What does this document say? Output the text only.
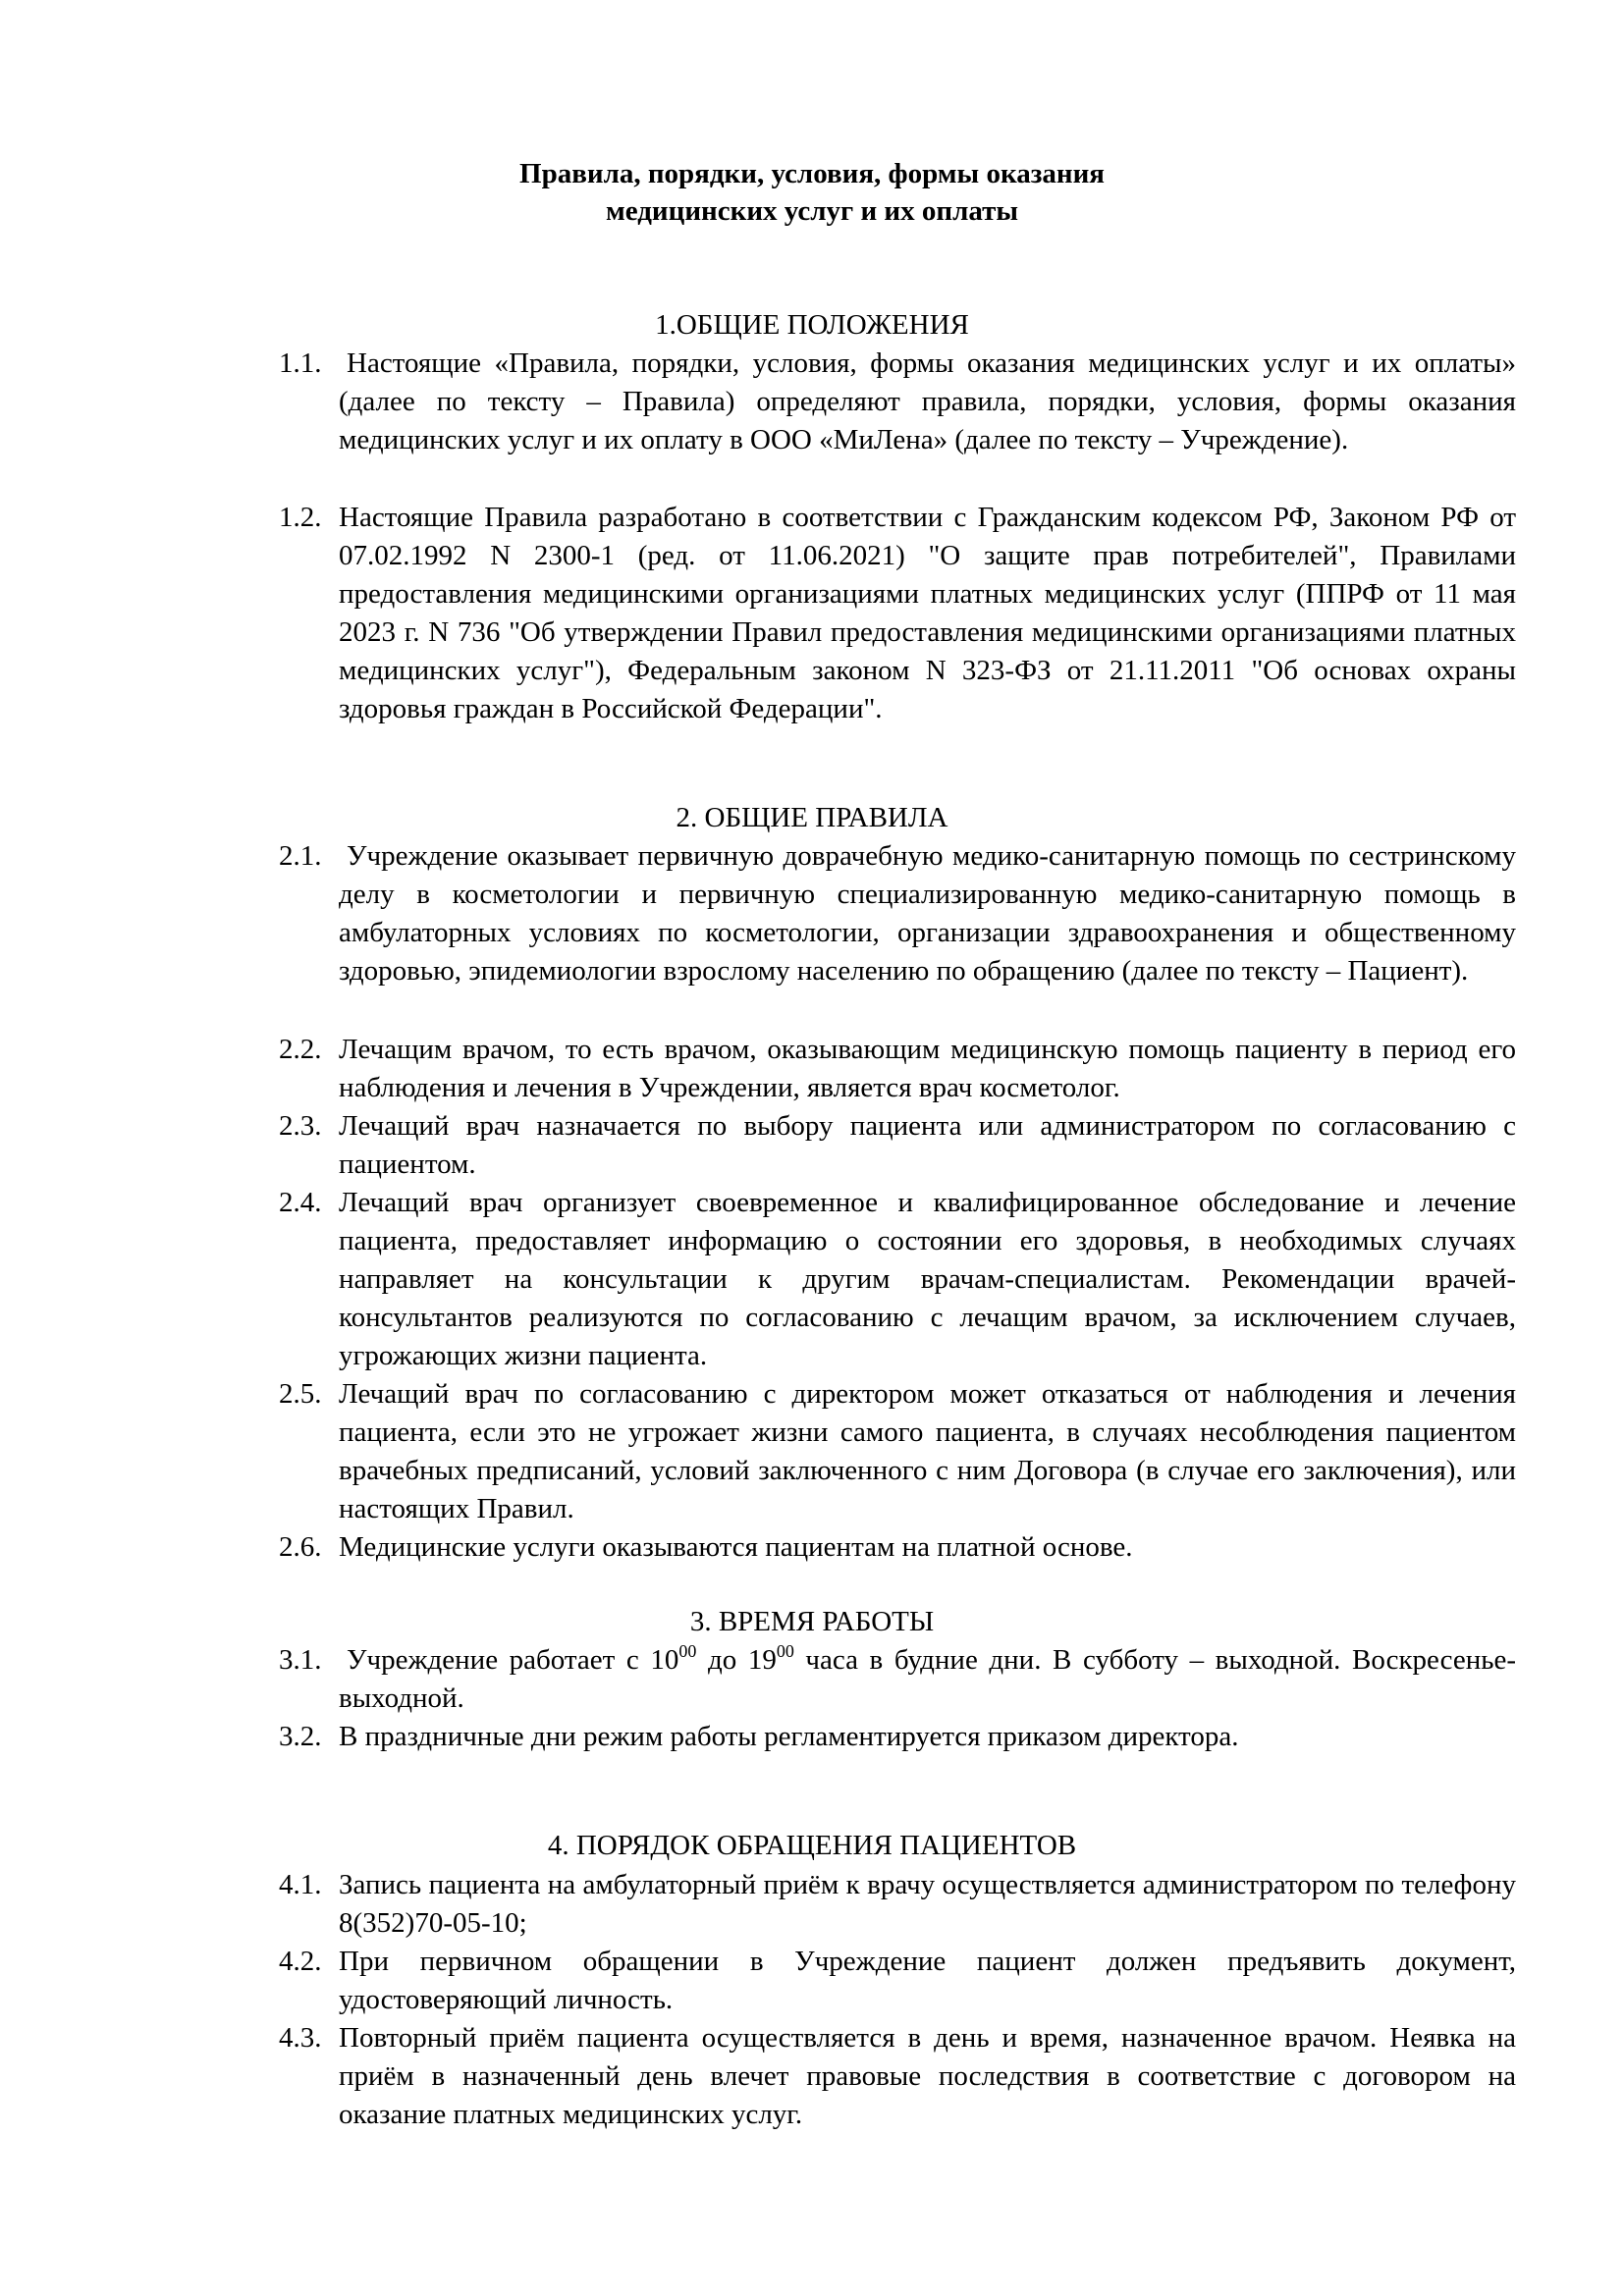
Правила, порядки, условия, формы оказания
медицинских услуг и их оплаты
1.ОБЩИЕ ПОЛОЖЕНИЯ
1.1. Настоящие «Правила, порядки, условия, формы оказания медицинских услуг и их оплаты» (далее по тексту – Правила) определяют правила, порядки, условия, формы оказания медицинских услуг и их оплату в ООО «МиЛена» (далее по тексту – Учреждение).
1.2. Настоящие Правила разработано в соответствии с Гражданским кодексом РФ, Законом РФ от 07.02.1992 N 2300-1 (ред. от 11.06.2021) "О защите прав потребителей", Правилами предоставления медицинскими организациями платных медицинских услуг (ППРФ от 11 мая 2023 г. N 736 "Об утверждении Правил предоставления медицинскими организациями платных медицинских услуг"), Федеральным законом N 323-ФЗ от 21.11.2011 "Об основах охраны здоровья граждан в Российской Федерации".
2. ОБЩИЕ ПРАВИЛА
2.1. Учреждение оказывает первичную доврачебную медико-санитарную помощь по сестринскому делу в косметологии и первичную специализированную медико-санитарную помощь в амбулаторных условиях по косметологии, организации здравоохранения и общественному здоровью, эпидемиологии взрослому населению по обращению (далее по тексту – Пациент).
2.2. Лечащим врачом, то есть врачом, оказывающим медицинскую помощь пациенту в период его наблюдения и лечения в Учреждении, является врач косметолог.
2.3. Лечащий врач назначается по выбору пациента или администратором по согласованию с пациентом.
2.4. Лечащий врач организует своевременное и квалифицированное обследование и лечение пациента, предоставляет информацию о состоянии его здоровья, в необходимых случаях направляет на консультации к другим врачам-специалистам. Рекомендации врачей-консультантов реализуются по согласованию с лечащим врачом, за исключением случаев, угрожающих жизни пациента.
2.5. Лечащий врач по согласованию с директором может отказаться от наблюдения и лечения пациента, если это не угрожает жизни самого пациента, в случаях несоблюдения пациентом врачебных предписаний, условий заключенного с ним Договора (в случае его заключения), или настоящих Правил.
2.6. Медицинские услуги оказываются пациентам на платной основе.
3. ВРЕМЯ РАБОТЫ
3.1. Учреждение работает с $10^{00}$ до $19^{00}$ часа в будние дни. В субботу – выходной. Воскресенье- выходной.
3.2. В праздничные дни режим работы регламентируется приказом директора.
4. ПОРЯДОК ОБРАЩЕНИЯ ПАЦИЕНТОВ
4.1. Запись пациента на амбулаторный приём к врачу осуществляется администратором по телефону 8(352)70-05-10;
4.2. При первичном обращении в Учреждение пациент должен предъявить документ, удостоверяющий личность.
4.3. Повторный приём пациента осуществляется в день и время, назначенное врачом. Неявка на приём в назначенный день влечет правовые последствия в соответствие с договором на оказание платных медицинских услуг.
